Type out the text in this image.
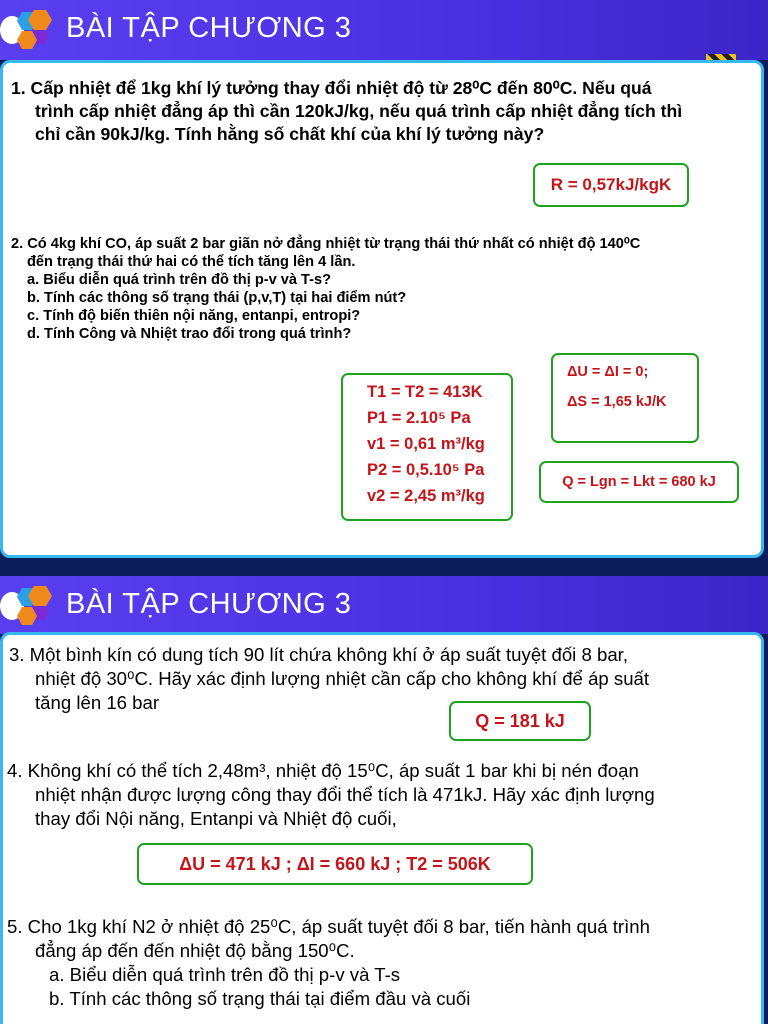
BÀI TẬP CHƯƠNG 3
1. Cấp nhiệt để 1kg khí lý tưởng thay đổi nhiệt độ từ 28⁰C đến 80⁰C. Nếu quá
trình cấp nhiệt đẳng áp thì cần 120kJ/kg, nếu quá trình cấp nhiệt đẳng tích thì
chỉ cần 90kJ/kg. Tính hằng số chất khí của khí lý tưởng này?
R = 0,57kJ/kgK
2. Có 4kg khí CO, áp suất 2 bar giãn nở đẳng nhiệt từ trạng thái thứ nhất có nhiệt độ 140⁰C
đến trạng thái thứ hai có thể tích tăng lên 4 lần.
a. Biểu diễn quá trình trên đồ thị p-v và T-s?
b. Tính các thông số trạng thái (p,v,T) tại hai điểm nút?
c. Tính độ biến thiên nội năng, entanpi, entropi?
d. Tính Công và Nhiệt trao đổi trong quá trình?
T1 = T2 = 413K
P1 = 2.10⁵ Pa
v1 = 0,61 m³/kg
P2 = 0,5.10⁵ Pa
v2 = 2,45 m³/kg
ΔU = ΔI = 0;
ΔS = 1,65 kJ/K
Q = Lgn = Lkt = 680 kJ
BÀI TẬP CHƯƠNG 3
3. Một bình kín có dung tích 90 lít chứa không khí ở áp suất tuyệt đối 8 bar,
nhiệt độ 30⁰C. Hãy xác định lượng nhiệt cần cấp cho không khí để áp suất
tăng lên 16 bar
Q = 181 kJ
4. Không khí có thể tích 2,48m³, nhiệt độ 15⁰C, áp suất 1 bar khi bị nén đoạn
nhiệt nhận được lượng công thay đổi thể tích là 471kJ. Hãy xác định lượng
thay đổi Nội năng, Entanpi và Nhiệt độ cuối,
ΔU = 471 kJ ; ΔI = 660 kJ ; T2 = 506K
5. Cho 1kg khí N2 ở nhiệt độ 25⁰C, áp suất tuyệt đối 8 bar, tiến hành quá trình
đẳng áp đến đến nhiệt độ bằng 150⁰C.
a. Biểu diễn quá trình trên đồ thị p-v và T-s
b. Tính các thông số trạng thái tại điểm đầu và cuối
